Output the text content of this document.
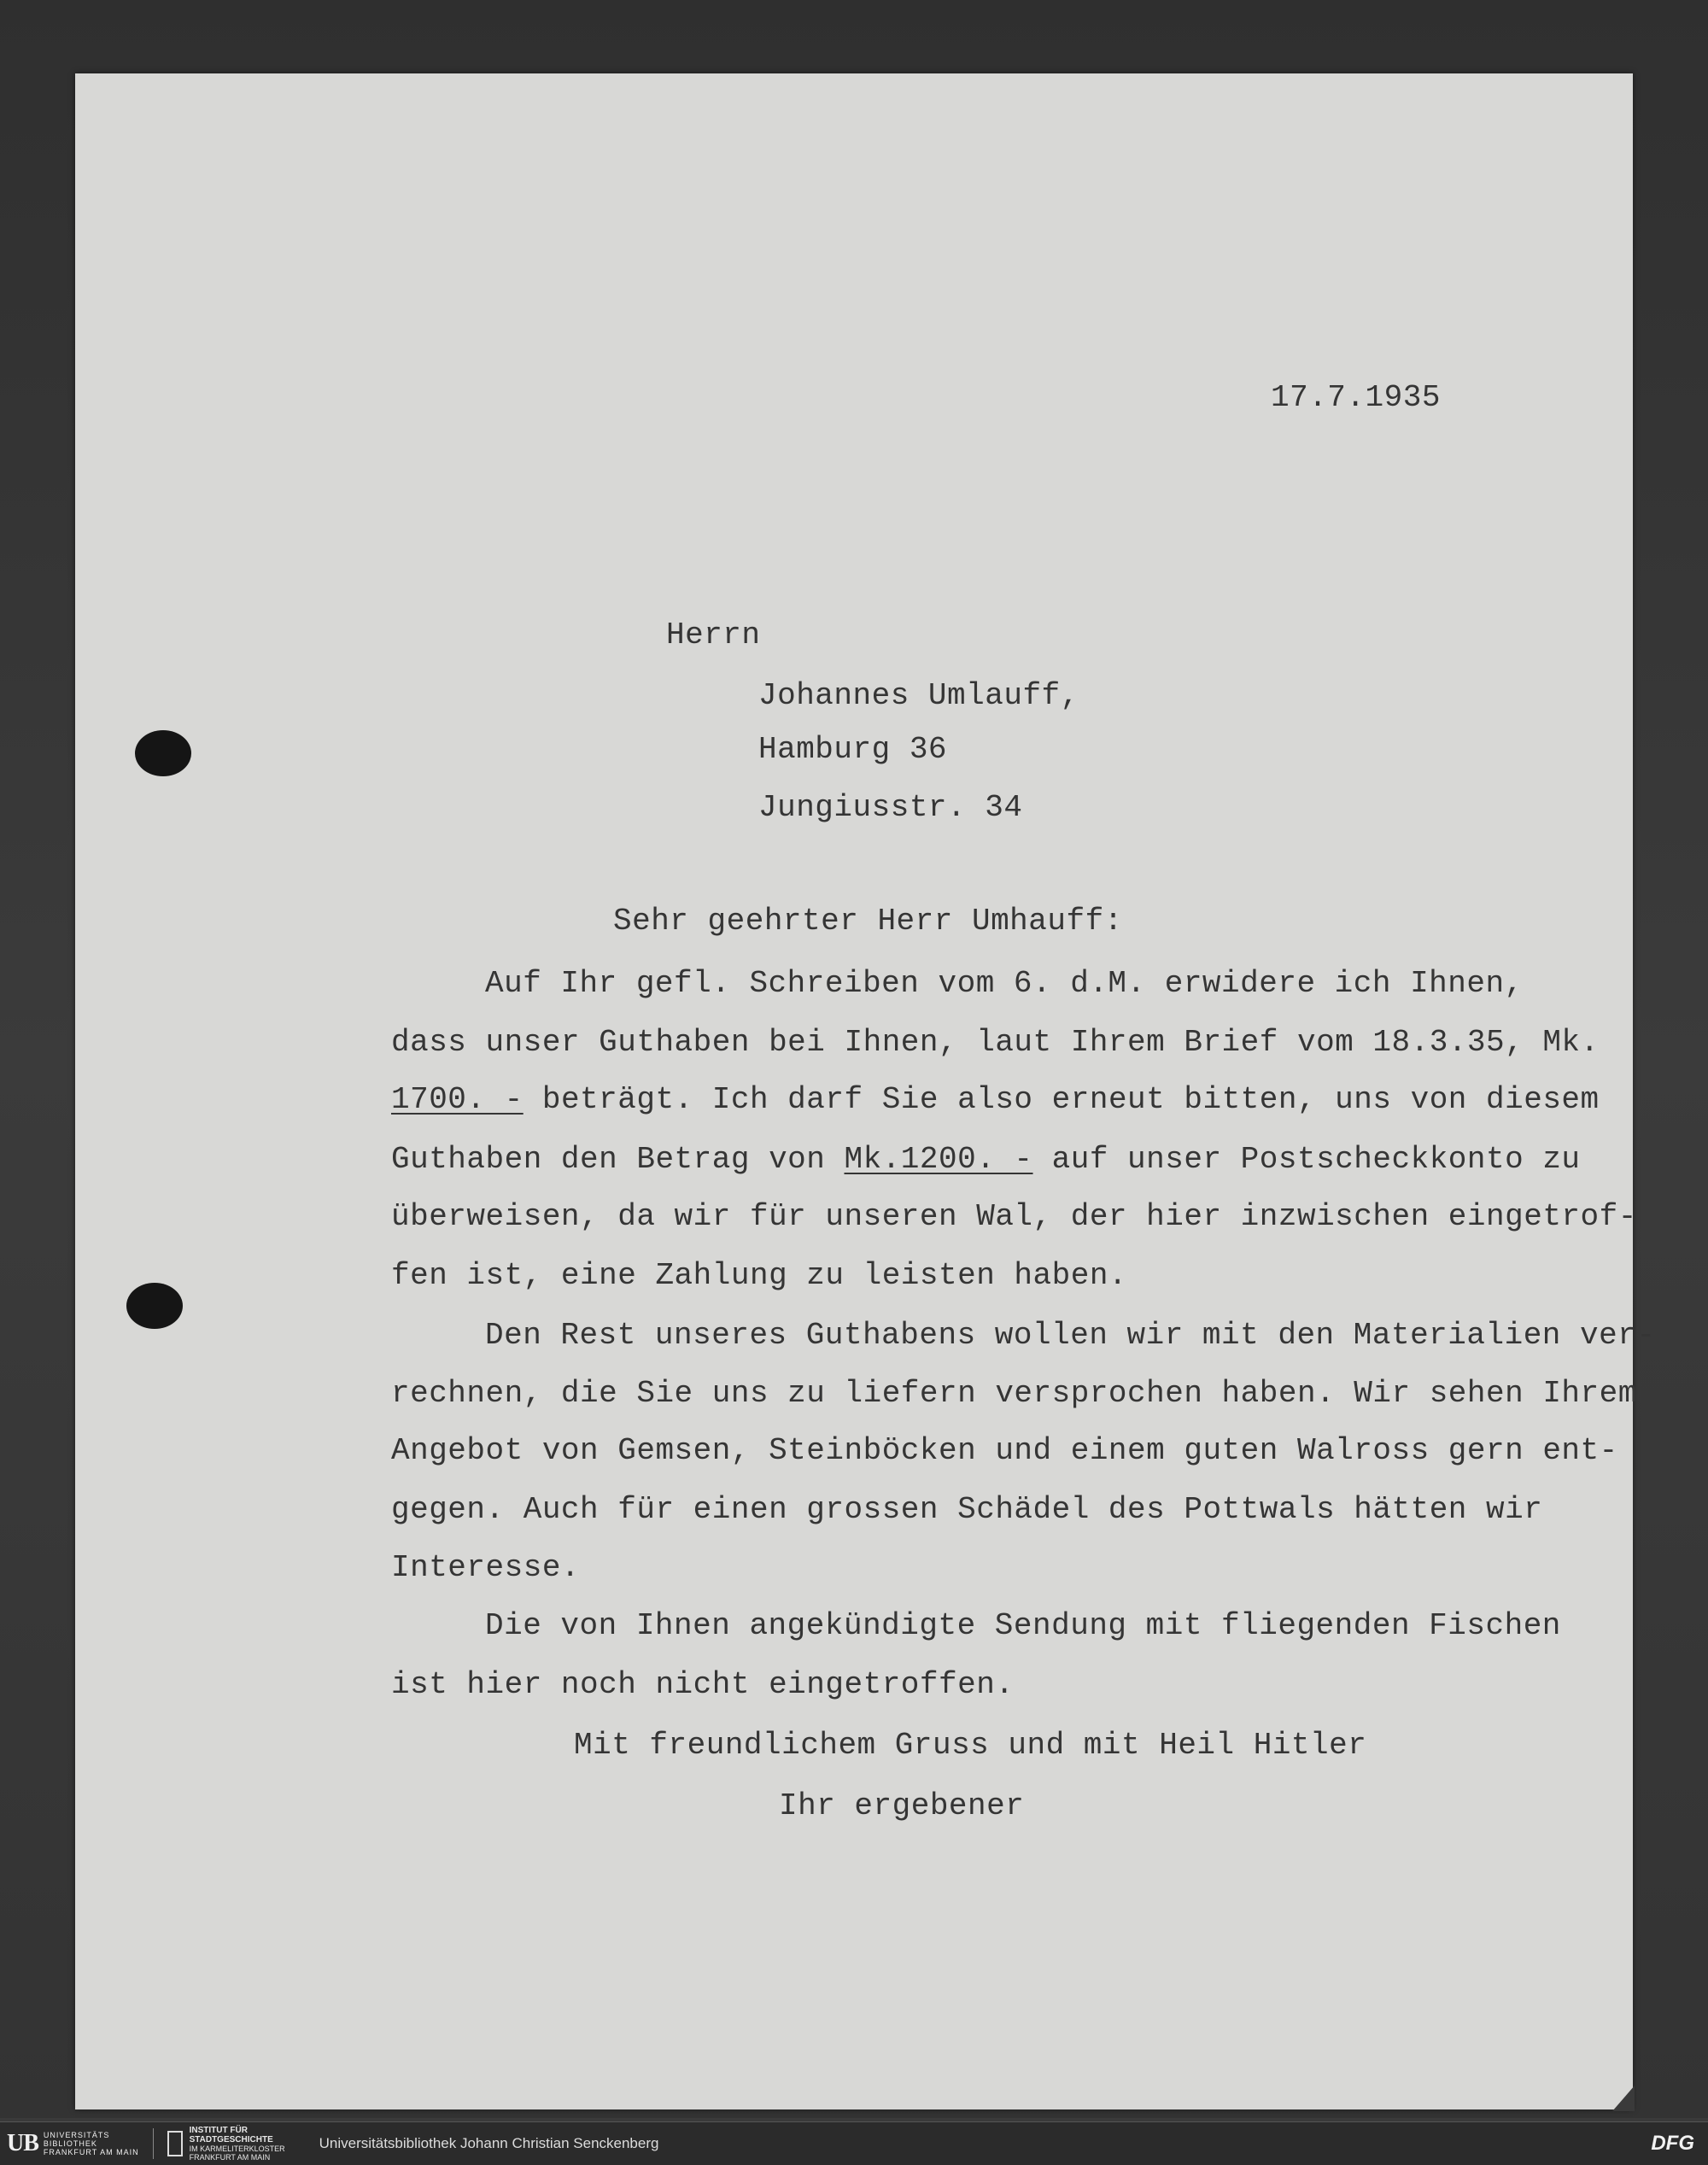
17.7.1935
Herrn
Johannes Umlauff,
Hamburg 36
Jungiusstr. 34
Sehr geehrter Herr Umhauff:
Auf Ihr gefl. Schreiben vom 6. d.M. erwidere ich Ihnen,
dass unser Guthaben bei Ihnen, laut Ihrem Brief vom 18.3.35, Mk.
1700. - beträgt. Ich darf Sie also erneut bitten, uns von diesem
Guthaben den Betrag von Mk.1200. - auf unser Postscheckkonto zu
überweisen, da wir für unseren Wal, der hier inzwischen eingetrof-
fen ist, eine Zahlung zu leisten haben.
Den Rest unseres Guthabens wollen wir mit den Materialien ver-
rechnen, die Sie uns zu liefern versprochen haben. Wir sehen Ihrem
Angebot von Gemsen, Steinböcken und einem guten Walross gern ent-
gegen. Auch für einen grossen Schädel des Pottwals hätten wir
Interesse.
Die von Ihnen angekündigte Sendung mit fliegenden Fischen
ist hier noch nicht eingetroffen.
Mit freundlichem Gruss und mit Heil Hitler
Ihr ergebener
UB UNIVERSITÄTS
BIBLIOTHEK
FRANKFURT AM MAIN
INSTITUT FÜR
STADTGESCHICHTE
IM KARMELITERKLOSTER
FRANKFURT AM MAIN
Universitätsbibliothek Johann Christian Senckenberg	DFG
